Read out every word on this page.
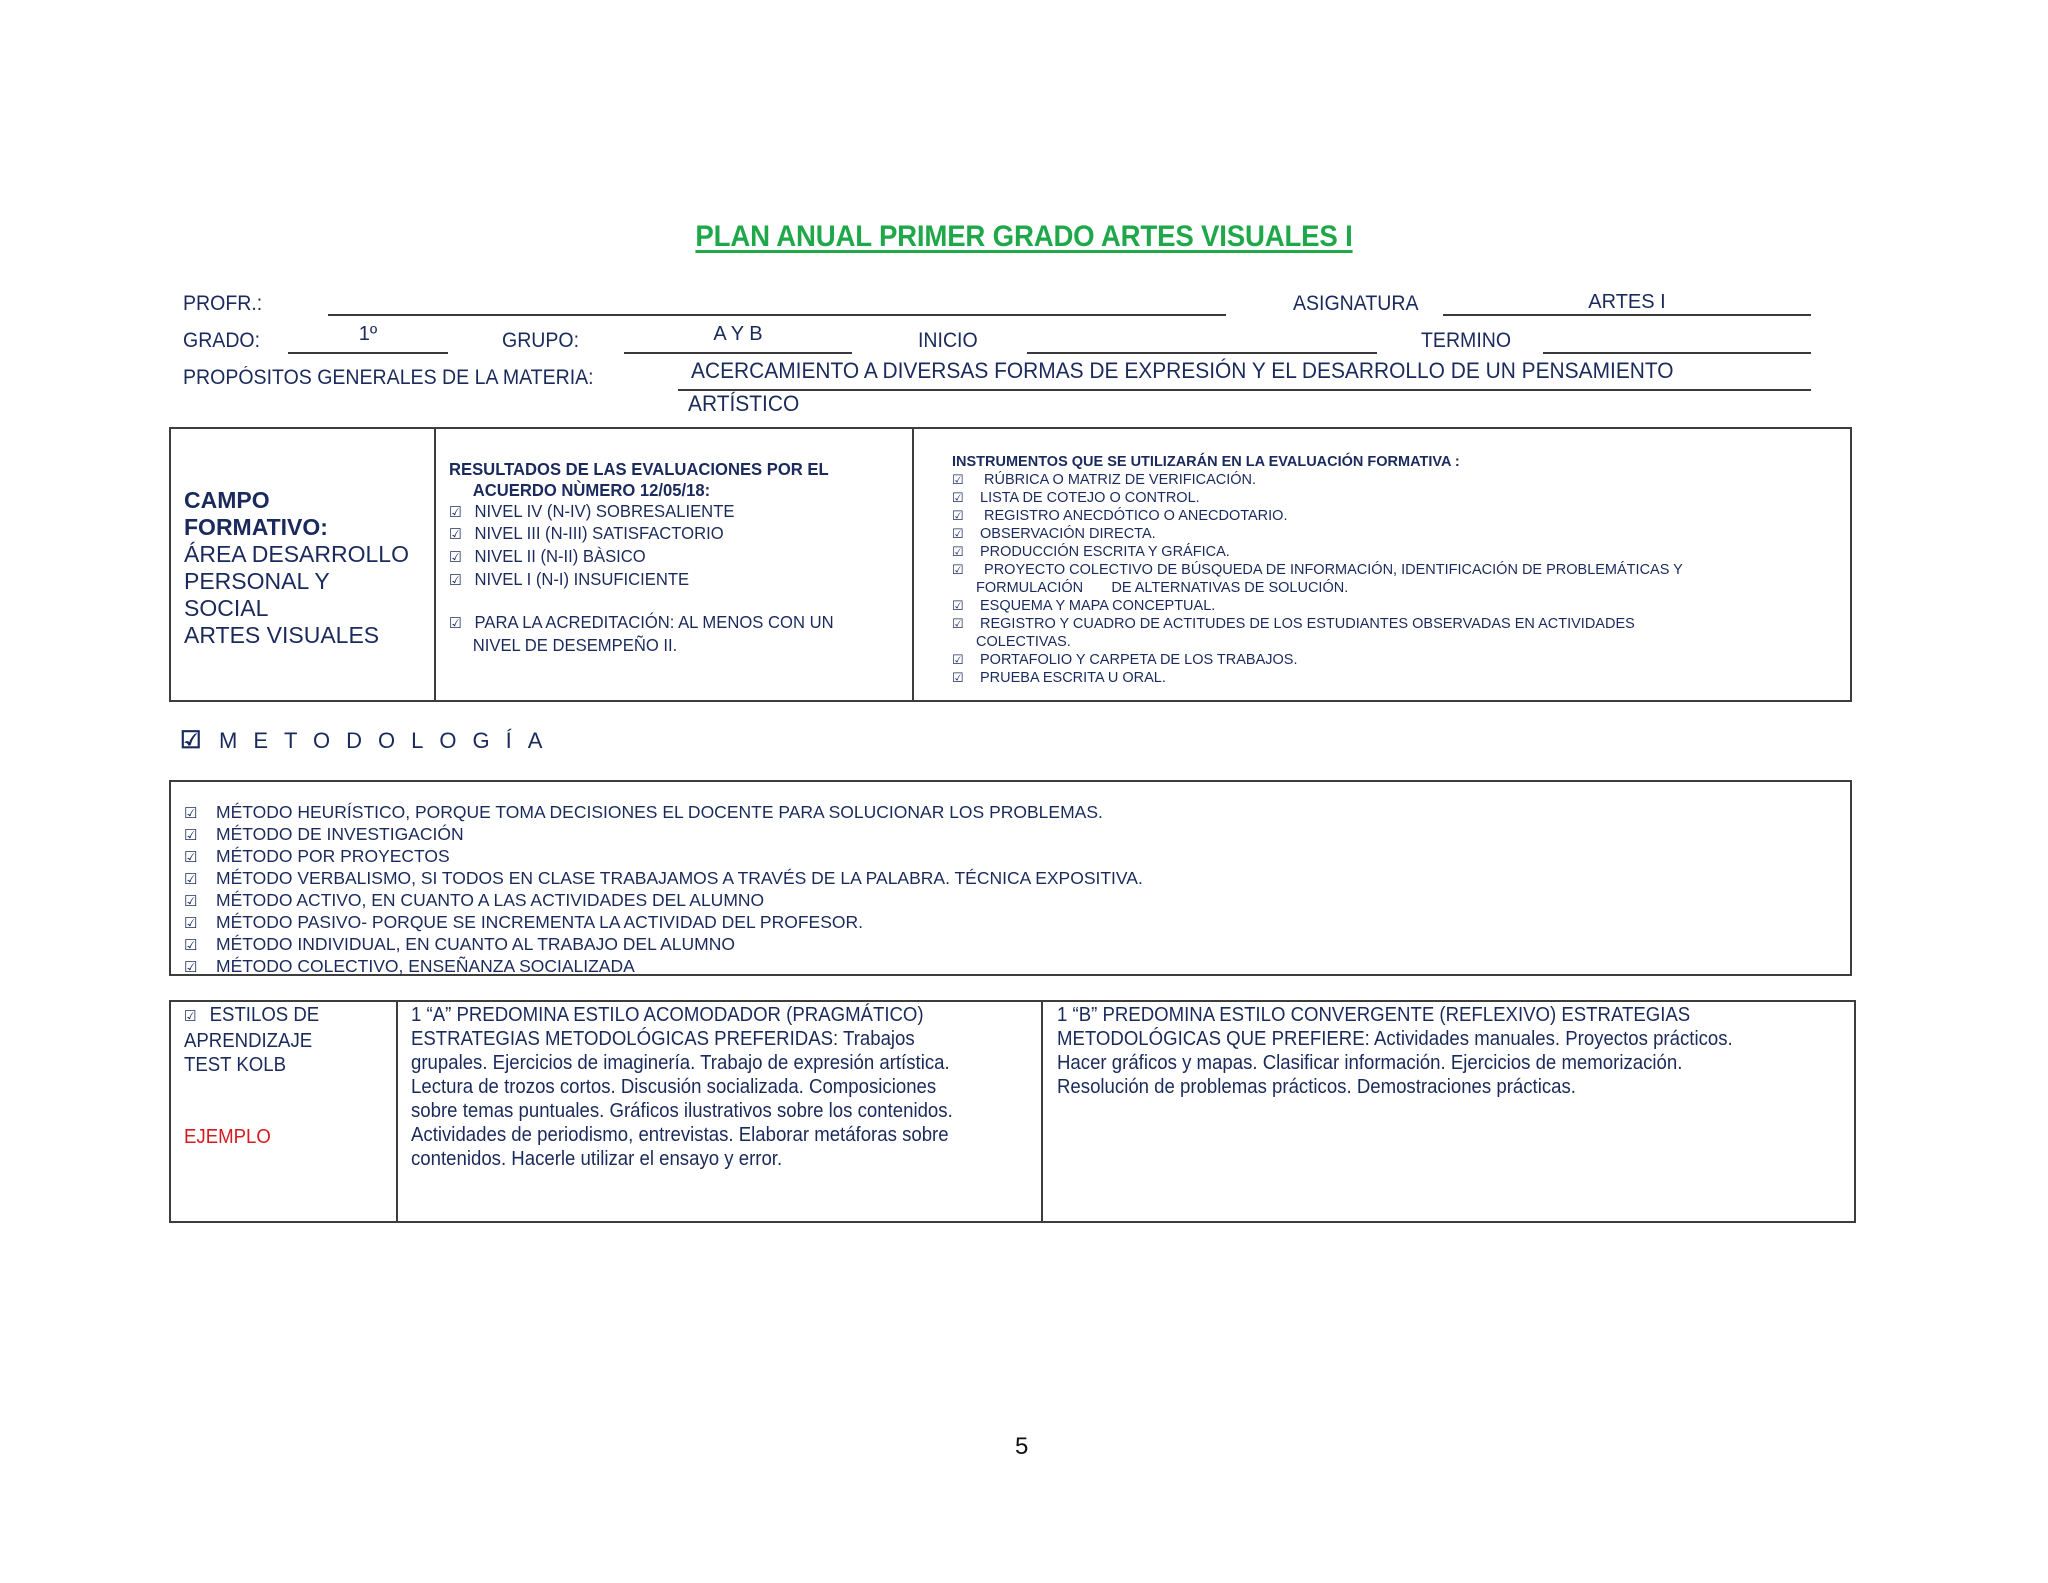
PLAN ANUAL PRIMER GRADO ARTES VISUALES I
PROFR.:	ASIGNATURA	ARTES I
GRADO:	1º	GRUPO:	A Y B	INICIO	TERMINO
PROPÓSITOS GENERALES DE LA MATERIA:	ACERCAMIENTO A DIVERSAS FORMAS DE EXPRESIÓN Y EL DESARROLLO DE UN PENSAMIENTO
ARTÍSTICO
CAMPO
FORMATIVO:
ÁREA DESARROLLO
PERSONAL Y
SOCIAL
ARTES VISUALES
RESULTADOS DE LAS EVALUACIONES POR EL
ACUERDO NÙMERO 12/05/18:
☑ NIVEL IV (N-IV) SOBRESALIENTE
☑ NIVEL III (N-III) SATISFACTORIO
☑ NIVEL II (N-II) BÀSICO
☑ NIVEL I (N-I) INSUFICIENTE
☑ PARA LA ACREDITACIÓN: AL MENOS CON UN
NIVEL DE DESEMPEÑO II.
INSTRUMENTOS QUE SE UTILIZARÁN EN LA EVALUACIÓN FORMATIVA :
☑ RÚBRICA O MATRIZ DE VERIFICACIÓN.
☑ LISTA DE COTEJO O CONTROL.
☑ REGISTRO ANECDÓTICO O ANECDOTARIO.
☑ OBSERVACIÓN DIRECTA.
☑ PRODUCCIÓN ESCRITA Y GRÁFICA.
☑ PROYECTO COLECTIVO DE BÚSQUEDA DE INFORMACIÓN, IDENTIFICACIÓN DE PROBLEMÁTICAS Y
FORMULACIÓN       DE ALTERNATIVAS DE SOLUCIÓN.
☑ ESQUEMA Y MAPA CONCEPTUAL.
☑ REGISTRO Y CUADRO DE ACTITUDES DE LOS ESTUDIANTES OBSERVADAS EN ACTIVIDADES
COLECTIVAS.
☑ PORTAFOLIO Y CARPETA DE LOS TRABAJOS.
☑ PRUEBA ESCRITA U ORAL.
☑ METODOLOGÍA
☑ MÉTODO HEURÍSTICO, PORQUE TOMA DECISIONES EL DOCENTE PARA SOLUCIONAR LOS PROBLEMAS.
☑ MÉTODO DE INVESTIGACIÓN
☑ MÉTODO POR PROYECTOS
☑ MÉTODO VERBALISMO, SI TODOS EN CLASE TRABAJAMOS A TRAVÉS DE LA PALABRA. TÉCNICA EXPOSITIVA.
☑ MÉTODO ACTIVO, EN CUANTO A LAS ACTIVIDADES DEL ALUMNO
☑ MÉTODO PASIVO- PORQUE SE INCREMENTA LA ACTIVIDAD DEL PROFESOR.
☑ MÉTODO INDIVIDUAL, EN CUANTO AL TRABAJO DEL ALUMNO
☑ MÉTODO COLECTIVO, ENSEÑANZA SOCIALIZADA
☑ ESTILOS DE
APRENDIZAJE
TEST KOLB
EJEMPLO
1 “A” PREDOMINA ESTILO ACOMODADOR (PRAGMÁTICO)
ESTRATEGIAS METODOLÓGICAS PREFERIDAS: Trabajos
grupales. Ejercicios de imaginería. Trabajo de expresión artística.
Lectura de trozos cortos. Discusión socializada. Composiciones
sobre temas puntuales. Gráficos ilustrativos sobre los contenidos.
Actividades de periodismo, entrevistas. Elaborar metáforas sobre
contenidos. Hacerle utilizar el ensayo y error.
1 “B” PREDOMINA ESTILO CONVERGENTE (REFLEXIVO) ESTRATEGIAS
METODOLÓGICAS QUE PREFIERE: Actividades manuales. Proyectos prácticos.
Hacer gráficos y mapas. Clasificar información. Ejercicios de memorización.
Resolución de problemas prácticos. Demostraciones prácticas.
5
